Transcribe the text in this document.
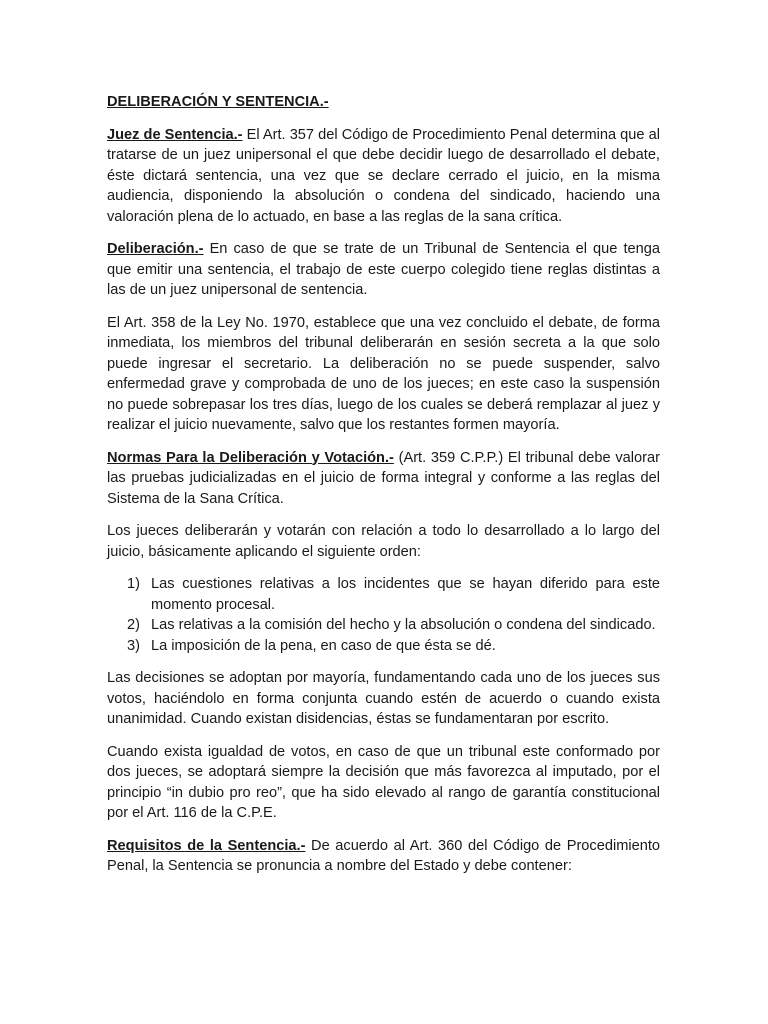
DELIBERACIÓN Y SENTENCIA.-

Juez de Sentencia.- El Art. 357 del Código de Procedimiento Penal determina que al tratarse de un juez unipersonal el que debe decidir luego de desarrollado el debate, éste dictará sentencia, una vez que se declare cerrado el juicio, en la misma audiencia, disponiendo la absolución o condena del sindicado, haciendo una valoración plena de lo actuado, en base a las reglas de la sana crítica.

Deliberación.- En caso de que se trate de un Tribunal de Sentencia el que tenga que emitir una sentencia, el trabajo de este cuerpo colegido tiene reglas distintas a las de un juez unipersonal de sentencia.

El Art. 358 de la Ley No. 1970, establece que una vez concluido el debate, de forma inmediata, los miembros del tribunal deliberarán en sesión secreta a la que solo puede ingresar el secretario. La deliberación no se puede suspender, salvo enfermedad grave y comprobada de uno de los jueces; en este caso la suspensión no puede sobrepasar los tres días, luego de los cuales se deberá remplazar al juez y realizar el juicio nuevamente, salvo que los restantes formen mayoría.

Normas Para la Deliberación y Votación.- (Art. 359 C.P.P.) El tribunal debe valorar las pruebas judicializadas en el juicio de forma integral y conforme a las reglas del Sistema de la Sana Crítica.

Los jueces deliberarán y votarán con relación a todo lo desarrollado a lo largo del juicio, básicamente aplicando el siguiente orden:

1) Las cuestiones relativas a los incidentes que se hayan diferido para este momento procesal.
2) Las relativas a la comisión del hecho y la absolución o condena del sindicado.
3) La imposición de la pena, en caso de que ésta se dé.

Las decisiones se adoptan por mayoría, fundamentando cada uno de los jueces sus votos, haciéndolo en forma conjunta cuando estén de acuerdo o cuando exista unanimidad. Cuando existan disidencias, éstas se fundamentaran por escrito.

Cuando exista igualdad de votos, en caso de que un tribunal este conformado por dos jueces, se adoptará siempre la decisión que más favorezca al imputado, por el principio “in dubio pro reo”, que ha sido elevado al rango de garantía constitucional por el Art. 116 de la C.P.E.

Requisitos de la Sentencia.- De acuerdo al Art. 360 del Código de Procedimiento Penal, la Sentencia se pronuncia a nombre del Estado y debe contener:
